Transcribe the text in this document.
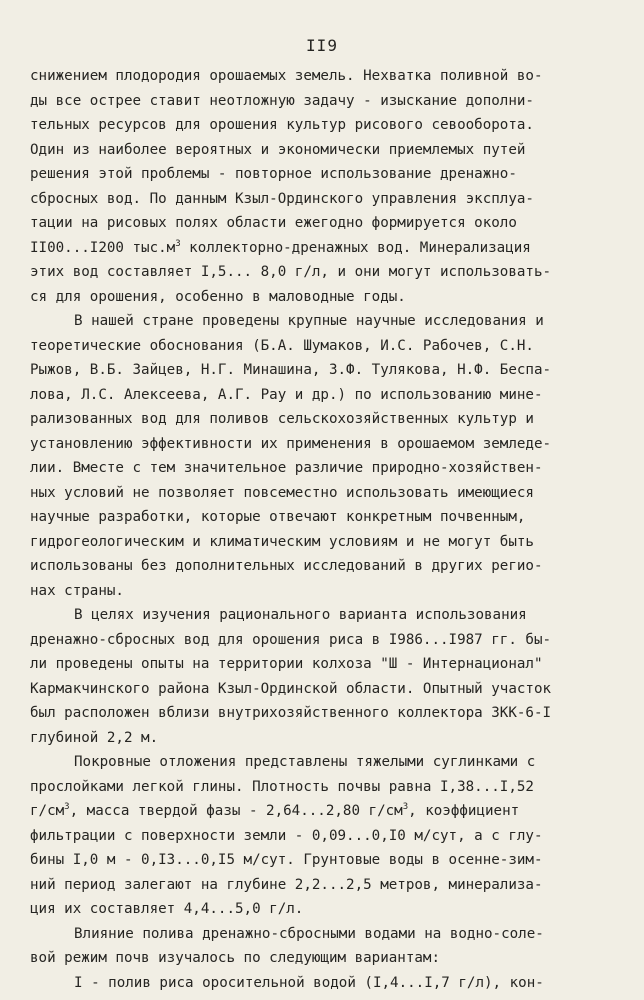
II9
снижением плодородия орошаемых земель. Нехватка поливной во-
ды все острее ставит неотложную задачу - изыскание дополни-
тельных ресурсов для орошения культур рисового севооборота.
Один из наиболее вероятных и экономически приемлемых путей
решения этой проблемы - повторное использование дренажно-
сбросных вод. По данным Кзыл-Ординского управления эксплуа-
тации на рисовых полях области ежегодно формируется около
II00...I200 $тыс.м^3$ коллекторно-дренажных вод. Минерализация
этих вод составляет I,5... 8,0 г/л, и они могут использовать-
ся для орошения, особенно в маловодные годы.
В нашей стране проведены крупные научные исследования и
теоретические обоснования (Б.А. Шумаков, И.С. Рабочев, С.Н.
Рыжов, В.Б. Зайцев, Н.Г. Минашина, З.Ф. Тулякова, Н.Ф. Беспа-
лова, Л.С. Алексеева, А.Г. Рау и др.) по использованию мине-
рализованных вод для поливов сельскохозяйственных культур и
установлению эффективности их применения в орошаемом земледе-
лии. Вместе с тем значительное различие природно-хозяйствен-
ных условий не позволяет повсеместно использовать имеющиеся
научные разработки, которые отвечают конкретным почвенным,
гидрогеологическим и климатическим условиям и не могут быть
использованы без дополнительных исследований в других регио-
нах страны.
В целях изучения рационального варианта использования
дренажно-сбросных вод для орошения риса в I986...I987 гг. бы-
ли проведены опыты на территории колхоза "Ш - Интернационал"
Кармакчинского района Кзыл-Ординской области. Опытный участок
был расположен вблизи внутрихозяйственного коллектора ЗКК-6-I
глубиной 2,2 м.
Покровные отложения представлены тяжелыми суглинками с
прослойками легкой глины. Плотность почвы равна I,38...I,52
$г/см^3$, масса твердой фазы - 2,64...2,80 $г/см^3$, коэффициент
фильтрации с поверхности земли - 0,09...0,I0 м/сут, а с глу-
бины I,0 м - 0,I3...0,I5 м/сут. Грунтовые воды в осенне-зим-
ний период залегают на глубине 2,2...2,5 метров, минерализа-
ция их составляет 4,4...5,0 г/л.
Влияние полива дренажно-сбросными водами на водно-соле-
вой режим почв изучалось по следующим вариантам:
I - полив риса оросительной водой (I,4...I,7 г/л), кон-
